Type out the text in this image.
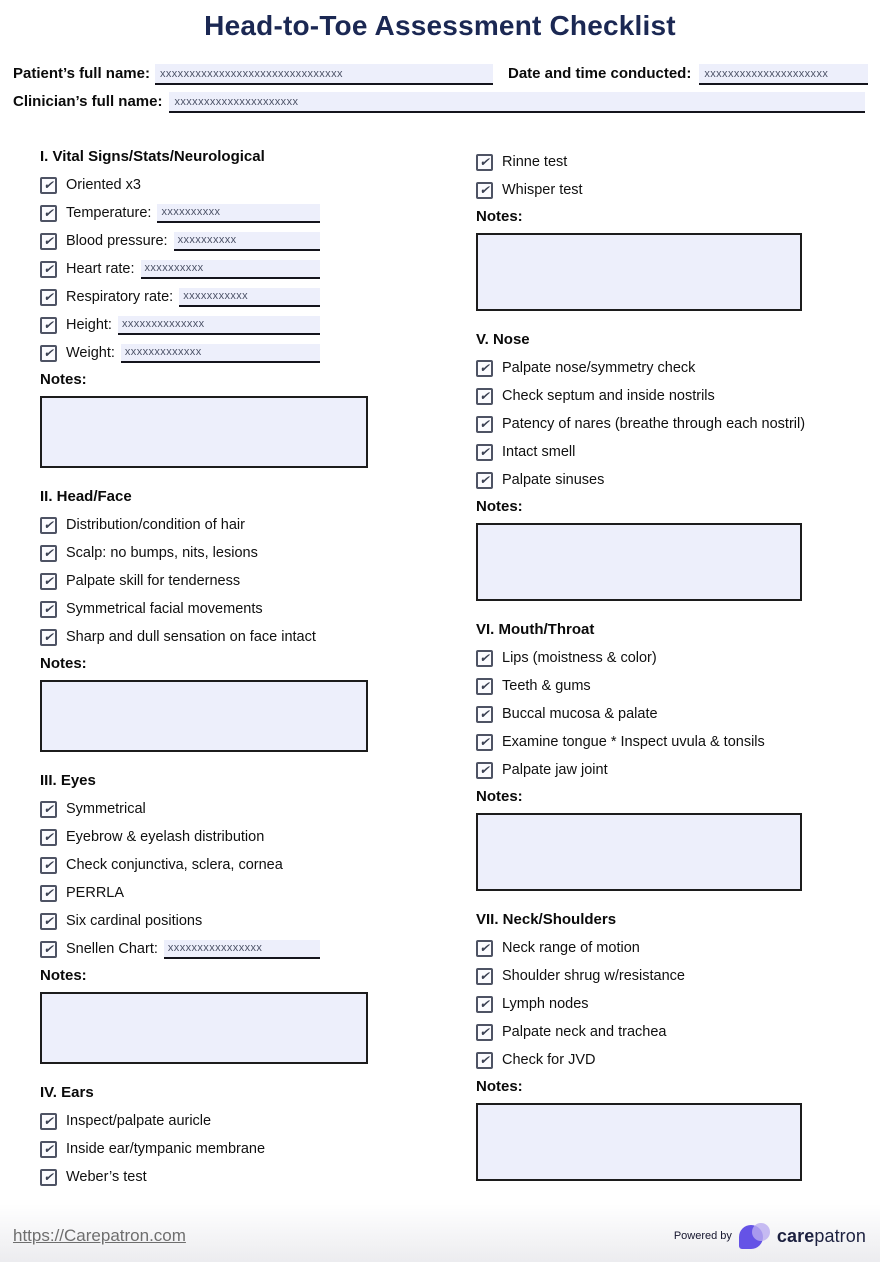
Head-to-Toe Assessment Checklist
Patient’s full name: xxxxxxxxxxxxxxxxxxxxxxxxxxxxxxx	Date and time conducted:	xxxxxxxxxxxxxxxxxxxxx
Clinician’s full name:	xxxxxxxxxxxxxxxxxxxxx
I. Vital Signs/Stats/Neurological
✔ Oriented x3
✔ Temperature: xxxxxxxxxx
✔ Blood pressure: xxxxxxxxxx
✔ Heart rate: xxxxxxxxxx
✔ Respiratory rate: xxxxxxxxxxx
✔ Height: xxxxxxxxxxxxxx
✔ Weight: xxxxxxxxxxxxx
Notes:
II. Head/Face
✔ Distribution/condition of hair
✔ Scalp: no bumps, nits, lesions
✔ Palpate skill for tenderness
✔ Symmetrical facial movements
✔ Sharp and dull sensation on face intact
Notes:
III. Eyes
✔ Symmetrical
✔ Eyebrow & eyelash distribution
✔ Check conjunctiva, sclera, cornea
✔ PERRLA
✔ Six cardinal positions
✔ Snellen Chart: xxxxxxxxxxxxxxxx
Notes:
IV. Ears
✔ Inspect/palpate auricle
✔ Inside ear/tympanic membrane
✔ Weber’s test
✔ Rinne test
✔ Whisper test
Notes:
V. Nose
✔ Palpate nose/symmetry check
✔ Check septum and inside nostrils
✔ Patency of nares (breathe through each nostril)
✔ Intact smell
✔ Palpate sinuses
Notes:
VI. Mouth/Throat
✔ Lips (moistness & color)
✔ Teeth & gums
✔ Buccal mucosa & palate
✔ Examine tongue * Inspect uvula & tonsils
✔ Palpate jaw joint
Notes:
VII. Neck/Shoulders
✔ Neck range of motion
✔ Shoulder shrug w/resistance
✔ Lymph nodes
✔ Palpate neck and trachea
✔ Check for JVD
Notes:
https://Carepatron.com	Powered by	carepatron
